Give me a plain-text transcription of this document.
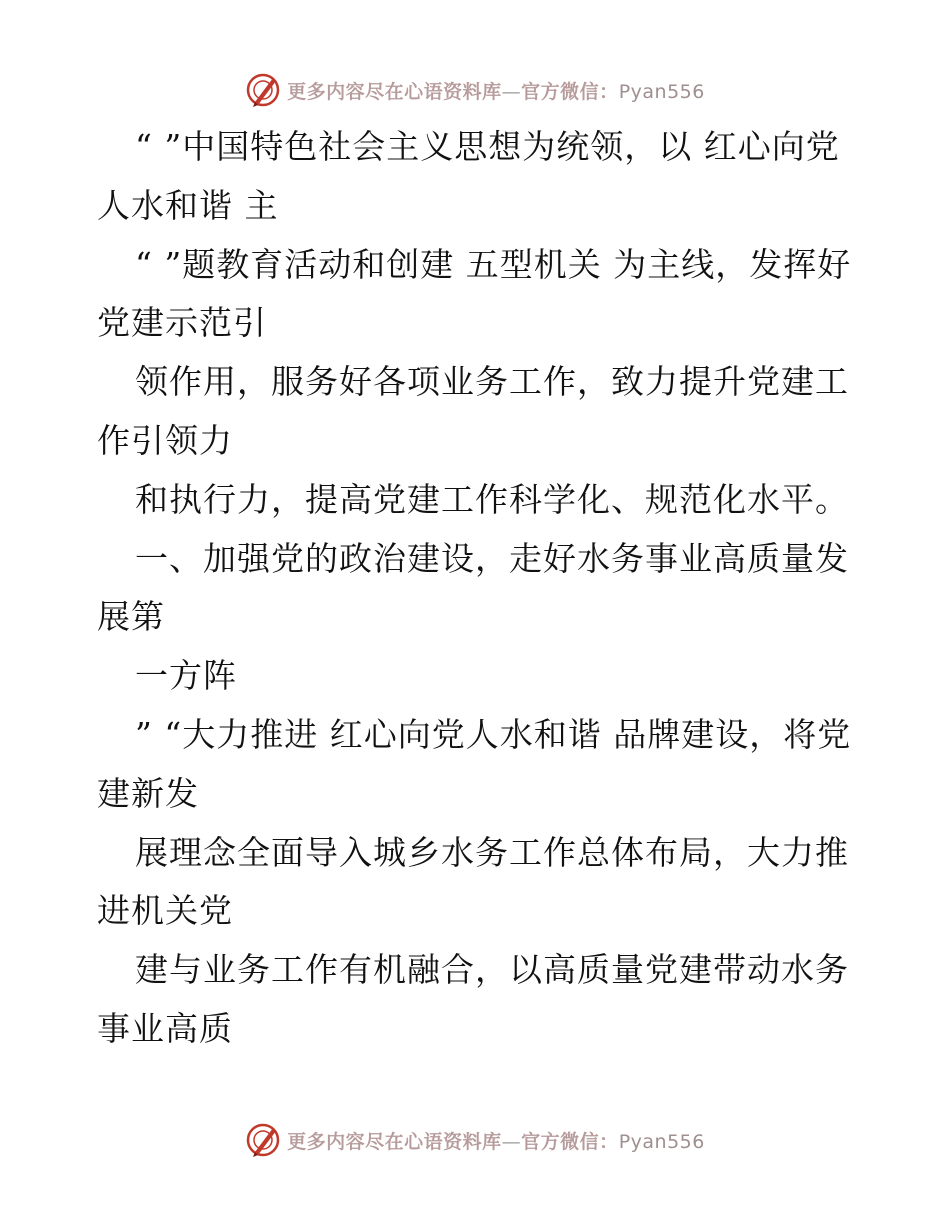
更多内容尽在心语资料库—官方微信：Pyan556

“ ”中国特色社会主义思想为统领，以 红心向党人水和谐 主

“ ”题教育活动和创建 五型机关 为主线，发挥好党建示范引

领作用，服务好各项业务工作，致力提升党建工作引领力

和执行力，提高党建工作科学化、规范化水平。

一、加强党的政治建设，走好水务事业高质量发展第

一方阵

” “大力推进 红心向党人水和谐 品牌建设，将党建新发

展理念全面导入城乡水务工作总体布局，大力推进机关党

建与业务工作有机融合，以高质量党建带动水务事业高质

更多内容尽在心语资料库—官方微信：Pyan556
